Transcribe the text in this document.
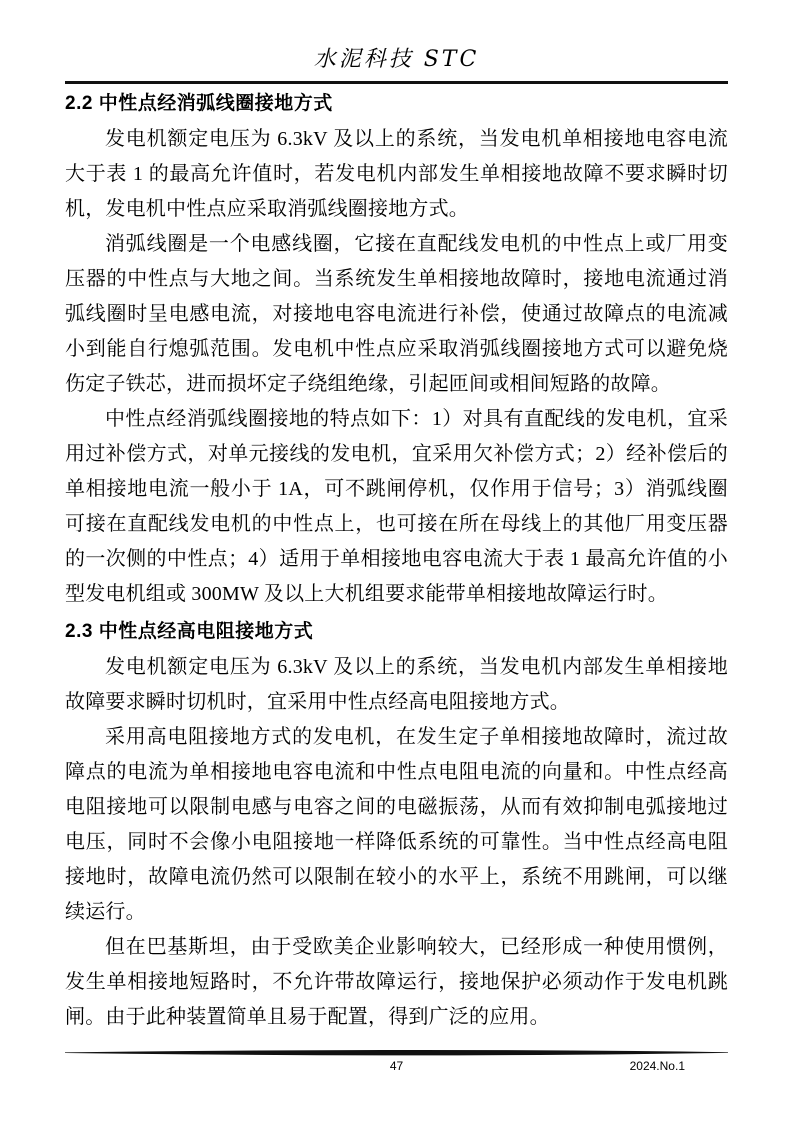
水泥科技 STC
2.2 中性点经消弧线圈接地方式

发电机额定电压为 6.3kV 及以上的系统，当发电机单相接地电容电流大于表 1 的最高允许值时，若发电机内部发生单相接地故障不要求瞬时切机，发电机中性点应采取消弧线圈接地方式。

消弧线圈是一个电感线圈，它接在直配线发电机的中性点上或厂用变压器的中性点与大地之间。当系统发生单相接地故障时，接地电流通过消弧线圈时呈电感电流，对接地电容电流进行补偿，使通过故障点的电流减小到能自行熄弧范围。发电机中性点应采取消弧线圈接地方式可以避免烧伤定子铁芯，进而损坏定子绕组绝缘，引起匝间或相间短路的故障。

中性点经消弧线圈接地的特点如下：1）对具有直配线的发电机，宜采用过补偿方式，对单元接线的发电机，宜采用欠补偿方式；2）经补偿后的单相接地电流一般小于 1A，可不跳闸停机，仅作用于信号；3）消弧线圈可接在直配线发电机的中性点上，也可接在所在母线上的其他厂用变压器的一次侧的中性点；4）适用于单相接地电容电流大于表 1 最高允许值的小型发电机组或 300MW 及以上大机组要求能带单相接地故障运行时。

2.3 中性点经高电阻接地方式

发电机额定电压为 6.3kV 及以上的系统，当发电机内部发生单相接地故障要求瞬时切机时，宜采用中性点经高电阻接地方式。

采用高电阻接地方式的发电机，在发生定子单相接地故障时，流过故障点的电流为单相接地电容电流和中性点电阻电流的向量和。中性点经高电阻接地可以限制电感与电容之间的电磁振荡，从而有效抑制电弧接地过电压，同时不会像小电阻接地一样降低系统的可靠性。当中性点经高电阻接地时，故障电流仍然可以限制在较小的水平上，系统不用跳闸，可以继续运行。

但在巴基斯坦，由于受欧美企业影响较大，已经形成一种使用惯例，发生单相接地短路时，不允许带故障运行，接地保护必须动作于发电机跳闸。由于此种装置简单且易于配置，得到广泛的应用。

47	2024.No.1
